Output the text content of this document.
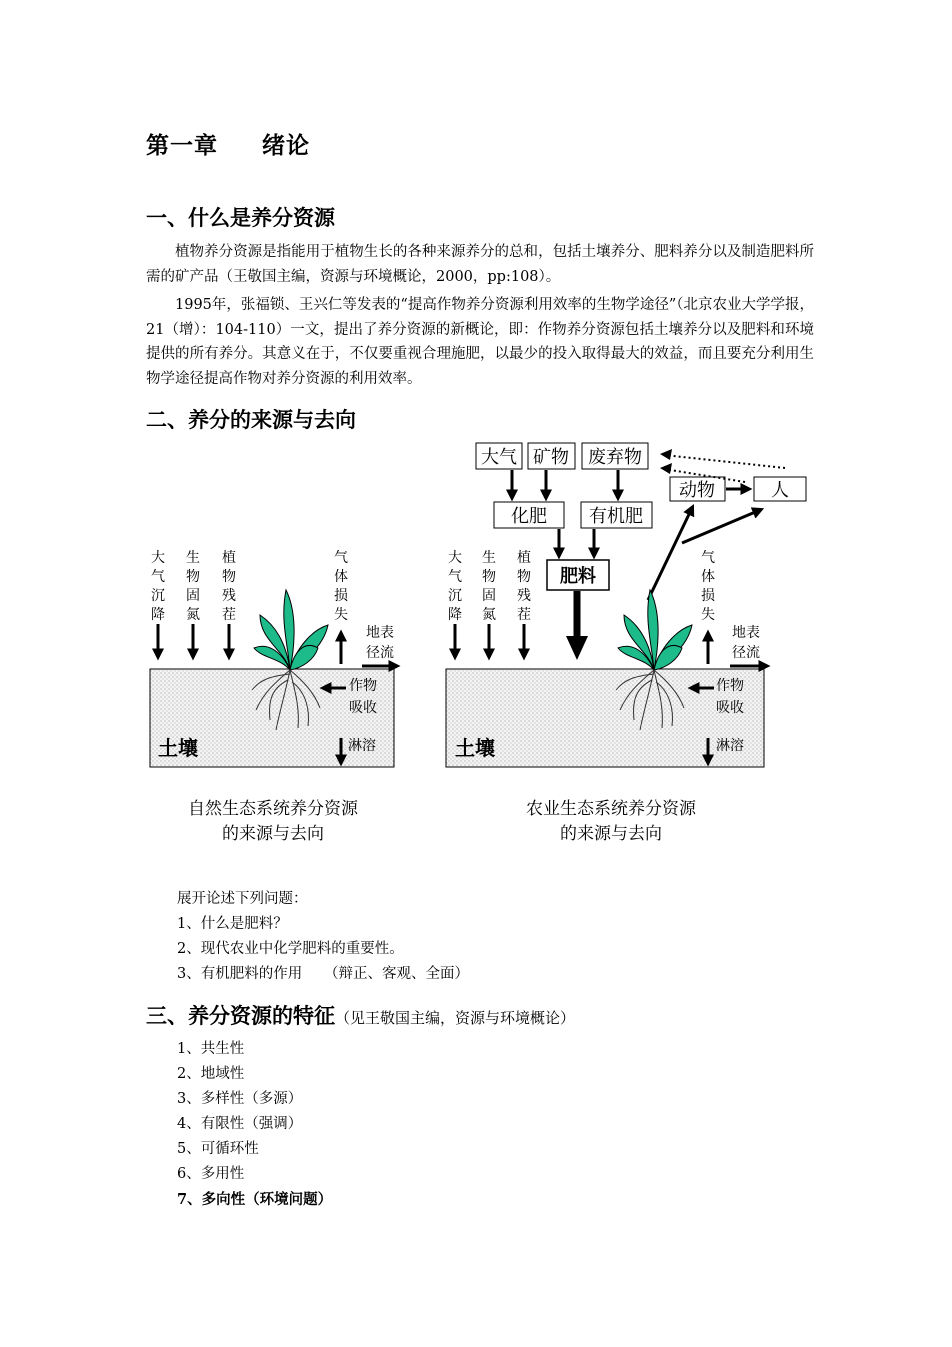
第一章 绪论
一、什么是养分资源
植物养分资源是指能用于植物生长的各种来源养分的总和，包括土壤养分、肥料养分以及制造肥料所需的矿产品（王敬国主编，资源与环境概论，2000，pp:108）。
1995年，张福锁、王兴仁等发表的“提高作物养分资源利用效率的生物学途径”（北京农业大学学报，21（增）：104-110）一文，提出了养分资源的新概论，即：作物养分资源包括土壤养分以及肥料和环境提供的所有养分。其意义在于，不仅要重视合理施肥，以最少的投入取得最大的效益，而且要充分利用生物学途径提高作物对养分资源的利用效率。
二、养分的来源与去向
大气沉降
生物固氮
植物残茬
气体损失
地表
径流
作物
吸收
淋溶
土壤
大气 矿物 废弃物
化肥 有机肥
肥料
动物	人
大气沉降
生物固氮
植物残茬
气体损失
地表
径流
作物
吸收
淋溶
土壤
自然生态系统养分资源
的来源与去向
农业生态系统养分资源
的来源与去向
展开论述下列问题：
1、什么是肥料？
2、现代农业中化学肥料的重要性。
3、有机肥料的作用　　（辩正、客观、全面）
三、养分资源的特征（见王敬国主编，资源与环境概论）
1、共生性
2、地域性
3、多样性（多源）
4、有限性（强调）
5、可循环性
6、多用性
7、多向性（环境问题）
